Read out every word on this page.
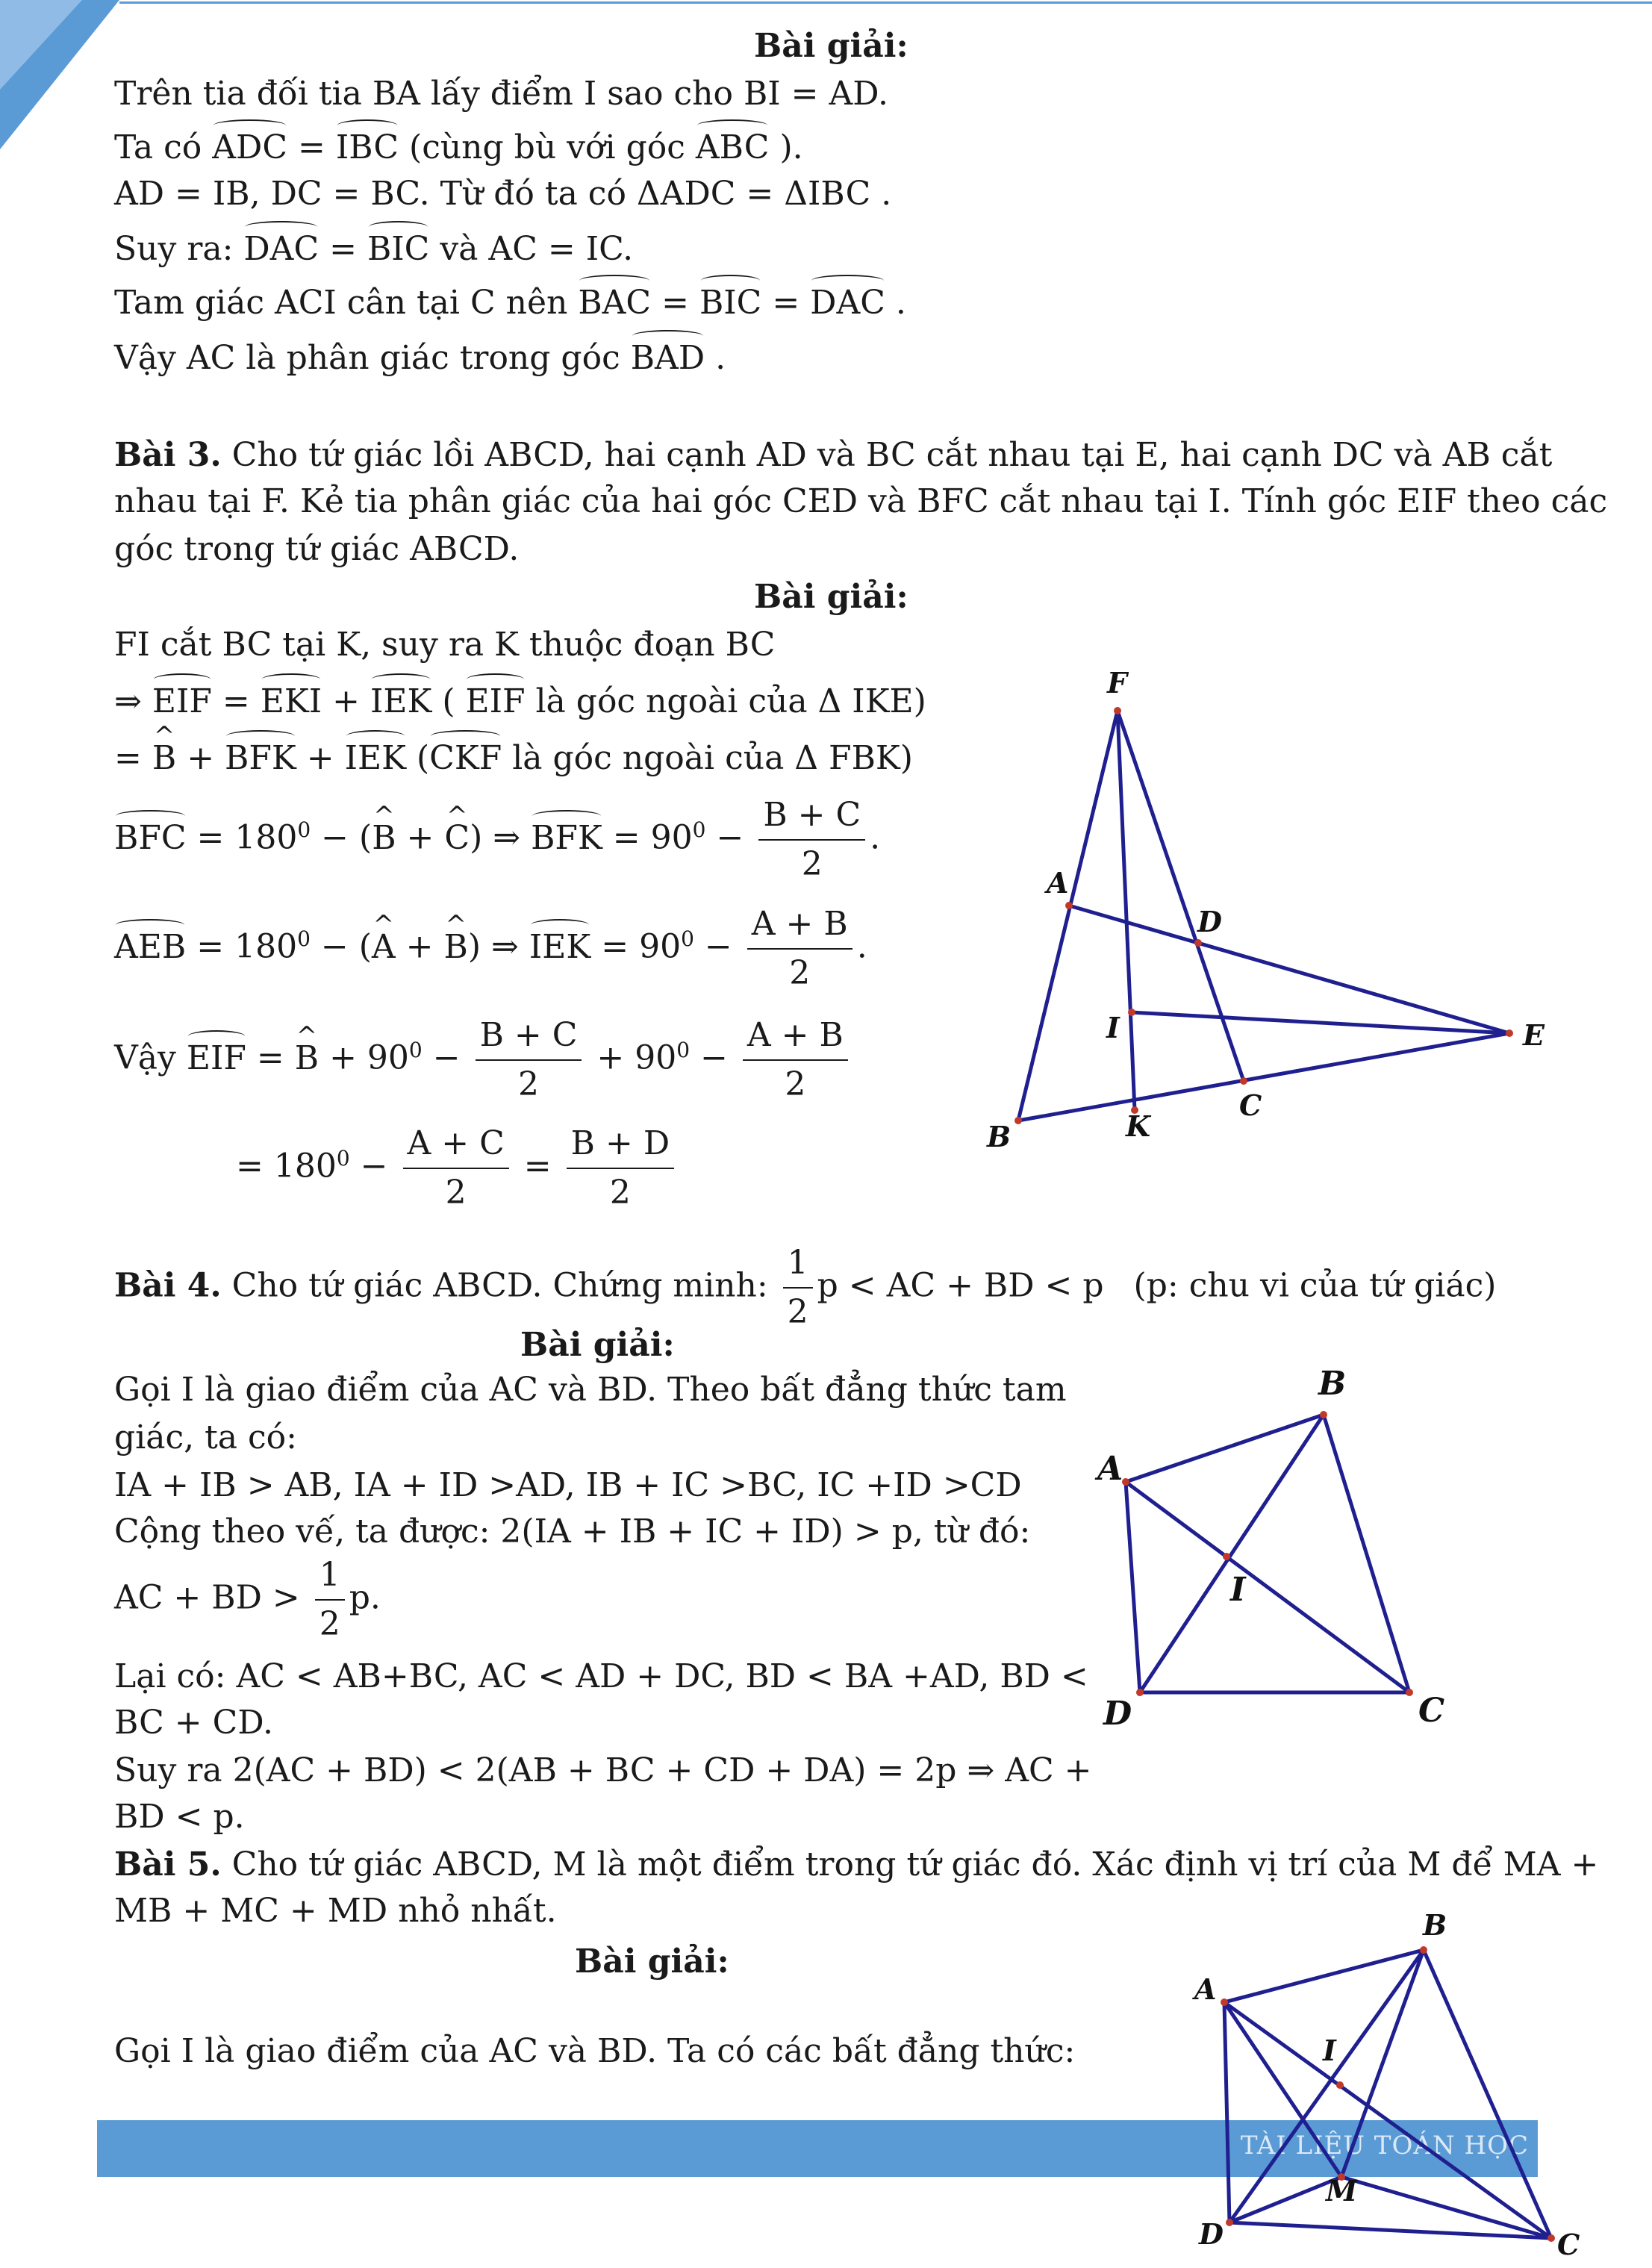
Bài giải:
Trên tia đối tia BA lấy điểm I sao cho BI = AD.
Ta có ADC = IBC (cùng bù với góc ABC ).
AD = IB, DC = BC. Từ đó ta có ΔADC = ΔIBC .
Suy ra: DAC = BIC và AC = IC.
Tam giác ACI cân tại C nên BAC = BIC = DAC .
Vậy AC là phân giác trong góc BAD .
Bài 3. Cho tứ giác lồi ABCD, hai cạnh AD và BC cắt nhau tại E, hai cạnh DC và AB cắt
nhau tại F. Kẻ tia phân giác của hai góc CED và BFC cắt nhau tại I. Tính góc EIF theo các
góc trong tứ giác ABCD.
Bài giải:
FI cắt BC tại K, suy ra K thuộc đoạn BC
⇒ EIF = EKI + IEK ( EIF là góc ngoài của Δ IKE)
= ^ B + BFK + IEK (CKF là góc ngoài của Δ FBK)
BFC = $180^0$ − (^ B + ^ C) ⇒ BFK = $90^0 - \frac{B + C}{2}$ .
AEB = $180^0$ − (^ A + ^ B) ⇒ IEK = $90^0 - \frac{A + B}{2}$ .
Vậy EIF = ^ $B + 90^0 - \frac{B + C}{2} + 90^0 - \frac{A + B}{2}$
= $180^0 - \frac{A + C}{2} = \frac{B + D}{2}$
F
A
D
I	E
B	K
C
Bài 4. Cho tứ giác ABCD. Chứng minh: $\frac{1}{2}$ p < AC + BD < p (p: chu vi của tứ giác)
Bài giải:
Gọi I là giao điểm của AC và BD. Theo bất đẳng thức tam
giác, ta có:
IA + IB > AB, IA + ID >AD, IB + IC >BC, IC +ID >CD
Cộng theo vế, ta được: 2(IA + IB + IC + ID) > p, từ đó:
AC + BD > $\frac{1}{2} p$.
Lại có: AC < AB+BC, AC < AD + DC, BD < BA +AD, BD <
BC + CD.
Suy ra 2(AC + BD) < 2(AB + BC + CD + DA) = 2p ⇒ AC +
BD < p.
B
A
I
D	C
Bài 5. Cho tứ giác ABCD, M là một điểm trong tứ giác đó. Xác định vị trí của M để MA +
MB + MC + MD nhỏ nhất.
Bài giải:
Gọi I là giao điểm của AC và BD. Ta có các bất đẳng thức:
TÀI LIỆU TOÁN HỌC
B
A
I
M
D	C
